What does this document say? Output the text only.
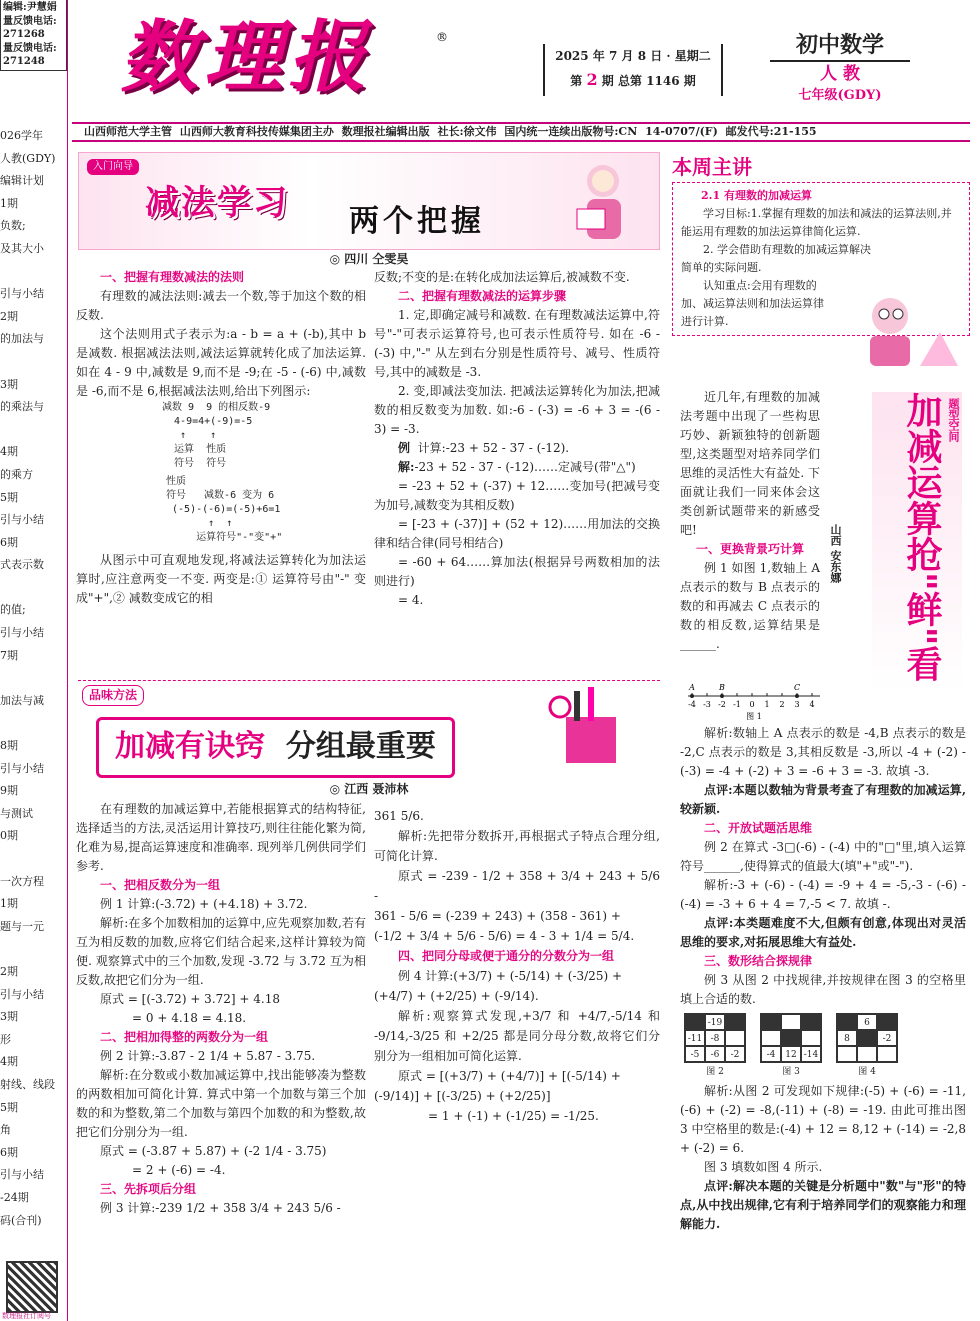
编辑:尹慧娟
量反馈电话:
271268
量反馈电话:
271248
026学年
人教(GDY)
编辑计划
1期
负数;
及其大小
引与小结
2期
的加法与
3期
的乘法与
4期
的乘方
5期
引与小结
6期
式表示数
的值;
引与小结
7期
加法与减
8期
引与小结
9期
与测试
0期
一次方程
1期
题与一元
2期
引与小结
3期
形
4期
射线、线段
5期
角
6期
引与小结
-24期
码(合刊)
数理报社订阅号
数理报	®
2025 年 7 月 8 日 · 星期二
第 2 期 总第 1146 期
初中数学
人 教
七年级(GDY)
山西师范大学主管 山西师大教育科技传媒集团主办 数理报社编辑出版 社长:徐文伟 国内统一连续出版物号:CN 14-0707/(F) 邮发代号:21-155
入门向导
减法学习 两个把握
◎ 四川 仝雯昊
一、把握有理数减法的法则

有理数的减法法则:减去一个数,等于加这个数的相反数.

这个法则用式子表示为:a - b = a + (-b),其中 b 是减数. 根据减法法则,减法运算就转化成了加法运算. 如在 4 - 9 中,减数是 9,而不是 -9;在 -5 - (-6) 中,减数是 -6,而不是 6,根据减法法则,给出下列图示:

减数 9  9 的相反数-9
4-9=4+(-9)=-5
↑    ↑
运算  性质
符号  符号
性质
符号   减数-6 变为 6
(-5)-(-6)=(-5)+6=1
↑  ↑
运算符号"-"变"+"

从图示中可直观地发现,将减法运算转化为加法运算时,应注意两变一不变. 两变是:① 运算符号由"-" 变成"+",② 减数变成它的相

反数;不变的是:在转化成加法运算后,被减数不变.
二、把握有理数减法的运算步骤

1. 定,即确定减号和减数. 在有理数减法运算中,符号"-"可表示运算符号,也可表示性质符号. 如在 -6 - (-3) 中,"-" 从左到右分别是性质符号、减号、性质符号,其中的减数是 -3.

2. 变,即减法变加法. 把减法运算转化为加法,把减数的相反数变为加数. 如:-6 - (-3) = -6 + 3 = -(6 - 3) = -3.

例 计算:-23 + 52 - 37 - (-12).

解:-23 + 52 - 37 - (-12)……定减号(带"△")

= -23 + 52 + (-37) + 12……变加号(把减号变为加号,减数变为其相反数)

= [-23 + (-37)] + (52 + 12)……用加法的交换律和结合律(同号相结合)

= -60 + 64……算加法(根据异号两数相加的法则进行)

= 4.

品味方法
加减有诀窍 分组最重要
◎ 江西 聂沛林

在有理数的加减运算中,若能根据算式的结构特征,选择适当的方法,灵活运用计算技巧,则往往能化繁为简,化难为易,提高运算速度和准确率. 现列举几例供同学们参考.

一、把相反数分为一组

例 1 计算:(-3.72) + (+4.18) + 3.72.

解析:在多个加数相加的运算中,应先观察加数,若有互为相反数的加数,应将它们结合起来,这样计算较为简便. 观察算式中的三个加数,发现 -3.72 与 3.72 互为相反数,故把它们分为一组.

原式 = [(-3.72) + 3.72] + 4.18

= 0 + 4.18 = 4.18.

二、把相加得整的两数分为一组

例 2 计算:-3.87 - 2 1/4 + 5.87 - 3.75.

解析:在分数或小数加减运算中,找出能够凑为整数的两数相加可简化计算. 算式中第一个加数与第三个加数的和为整数,第二个加数与第四个加数的和为整数,故把它们分别分为一组.

原式 = (-3.87 + 5.87) + (-2 1/4 - 3.75)

= 2 + (-6) = -4.

三、先拆项后分组

例 3 计算:-239 1/2 + 358 3/4 + 243 5/6 -

361 5/6.

解析:先把带分数拆开,再根据式子特点合理分组,可简化计算.

原式 = -239 - 1/2 + 358 + 3/4 + 243 + 5/6 -

361 - 5/6 = (-239 + 243) + (358 - 361) +
(-1/2 + 3/4 + 5/6 - 5/6) = 4 - 3 + 1/4 = 5/4.
四、把同分母或便于通分的分数分为一组

例 4 计算:(+3/7) + (-5/14) + (-3/25) +

(+4/7) + (+2/25) + (-9/14).

解析:观察算式发现,+3/7 和 +4/7,-5/14 和 -9/14,-3/25 和 +2/25 都是同分母分数,故将它们分别分为一组相加可简化运算.

原式 = [(+3/7) + (+4/7)] + [(-5/14) +

(-9/14)] + [(-3/25) + (+2/25)]
= 1 + (-1) + (-1/25) = -1/25.
本周主讲
2.1 有理数的加减运算
学习目标:1.掌握有理数的加法和减法的运算法则,并能运用有理数的加法运算律简化运算.
2. 学会借助有理数的加减运算解决简单的实际问题.
认知重点:会用有理数的加、减运算法则和加法运算律进行计算.
题型空间
加减运算抢"鲜"看
山西 安东娜

近几年,有理数的加减法考题中出现了一些构思巧妙、新颖独特的创新题型,这类题型对培养同学们思维的灵活性大有益处. 下面就让我们一同来体会这类创新试题带来的新感受吧!

一、更换背景巧计算

例 1 如图 1,数轴上 A 点表示的数与 B 点表示的数的和再减去 C 点表示的数的相反数,运算结果是______.

-4 -3 -2 -1 0 1 2 3 4
A	B	C
图 1

解析:数轴上 A 点表示的数是 -4,B 点表示的数是 -2,C 点表示的数是 3,其相反数是 -3,所以 -4 + (-2) - (-3) = -4 + (-2) + 3 = -6 + 3 = -3. 故填 -3.

点评:本题以数轴为背景考查了有理数的加减运算,较新颖.

二、开放试题活思维

例 2 在算式 -3□(-6) - (-4) 中的"□"里,填入运算符号______,使得算式的值最大(填"+"或"-").

解析:-3 + (-6) - (-4) = -9 + 4 = -5,-3 - (-6) - (-4) = -3 + 6 + 4 = 7,-5 < 7. 故填 -.

点评:本类题难度不大,但颇有创意,体现出对灵活思维的要求,对拓展思维大有益处.

三、数形结合探规律

例 3 从图 2 中找规律,并按规律在图 3 的空格里填上合适的数.

-19
-11 -8
-5	-6	-2
图 2
-4	12 -14
图 3
6
8	-2
图 4

解析:从图 2 可发现如下规律:(-5) + (-6) = -11,(-6) + (-2) = -8,(-11) + (-8) = -19. 由此可推出图 3 中空格里的数是:(-4) + 12 = 8,12 + (-14) = -2,8 + (-2) = 6.

图 3 填数如图 4 所示.

点评:解决本题的关键是分析题中"数"与"形"的特点,从中找出规律,它有利于培养同学们的观察能力和理解能力.
